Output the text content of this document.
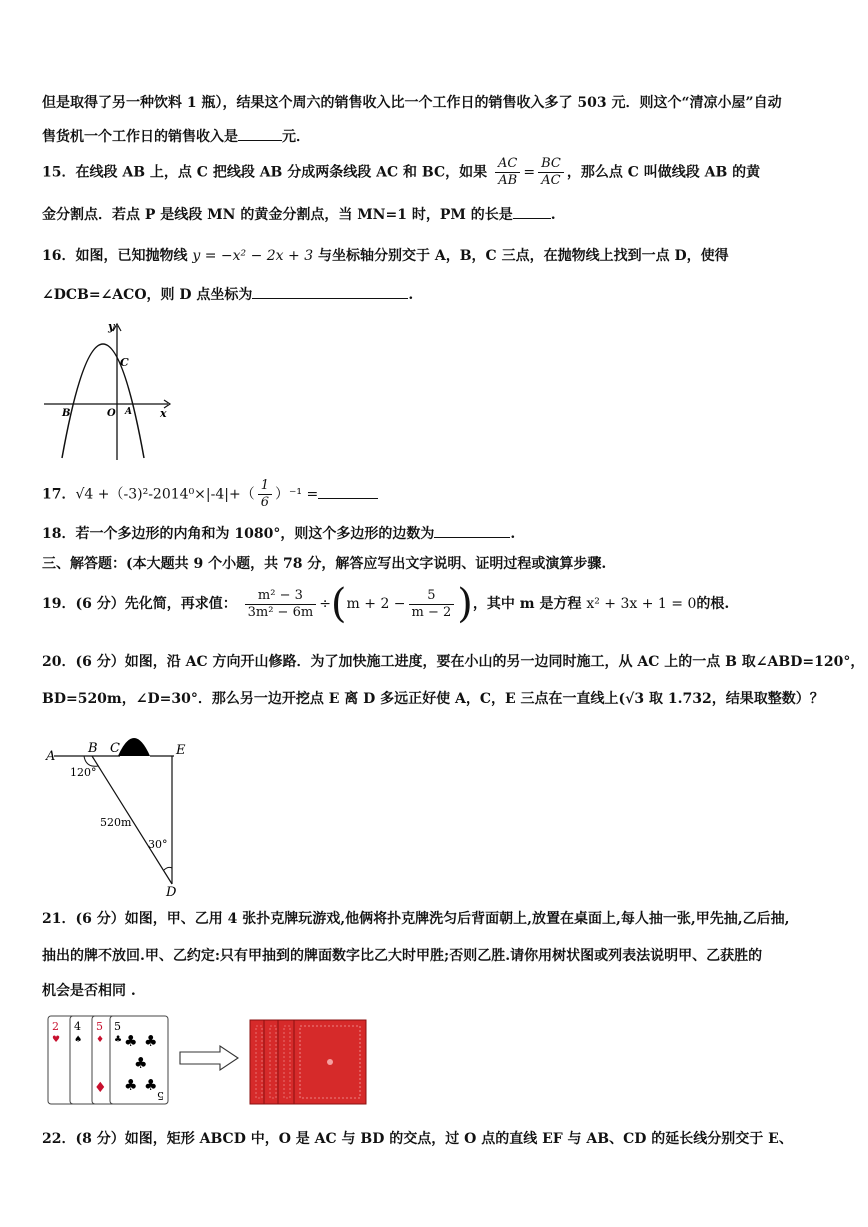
但是取得了另一种饮料 1 瓶），结果这个周六的销售收入比一个工作日的销售收入多了 503 元．则这个“清凉小屋”自动
售货机一个工作日的销售收入是	元．
15．在线段 AB 上，点 C 把线段 AB 分成两条线段 AC 和 BC，如果 $\frac{AC}{AB} = \frac{BC}{AC}$ ，那么点 C 叫做线段 AB 的黄
金分割点．若点 P 是线段 MN 的黄金分割点，当 MN=1 时，PM 的长是	.
16．如图，已知抛物线 y = −x² − 2x + 3 与坐标轴分别交于 A，B，C 三点，在抛物线上找到一点 D，使得
∠DCB=∠ACO，则 D 点坐标为	.
y
x
C
B	O A
17．$√4 +(-3)^2-2014^0\times|-4|+( \frac{1}{6} )^{-1}$ =
18．若一个多边形的内角和为 1080°，则这个多边形的边数为	.
三、解答题：(本大题共 9 个小题，共 78 分，解答应写出文字说明、证明过程或演算步骤.
19．(6 分）先化简，再求值： $\frac{\text{m² − 3}}{\text{3m² − 6m}} \div(m + 2 - \frac{5}{m - 2}$ )，其中 m 是方程 x² + 3x + 1 = 0的根.
20．(6 分）如图，沿 AC 方向开山修路．为了加快施工进度，要在小山的另一边同时施工，从 AC 上的一点 B 取∠ABD=120°，
BD=520m，∠D=30°．那么另一边开挖点 E 离 D 多远正好使 A，C，E 三点在一直线上(√3 取 1.732，结果取整数）？
A
B C	E
D
120°
520m
30°
21．(6 分）如图，甲、乙用 4 张扑克牌玩游戏,他俩将扑克牌洗匀后背面朝上,放置在桌面上,每人抽一张,甲先抽,乙后抽,
抽出的牌不放回.甲、乙约定:只有甲抽到的牌面数字比乙大时甲胜;否则乙胜.请你用树状图或列表法说明甲、乙获胜的
机会是否相同 .
2
♥
4
♠
5
♦
♦
5
♣ ♣ ♣
♣
♣ ♣
5
22．(8 分）如图，矩形 ABCD 中，O 是 AC 与 BD 的交点，过 O 点的直线 EF 与 AB、CD 的延长线分别交于 E、
